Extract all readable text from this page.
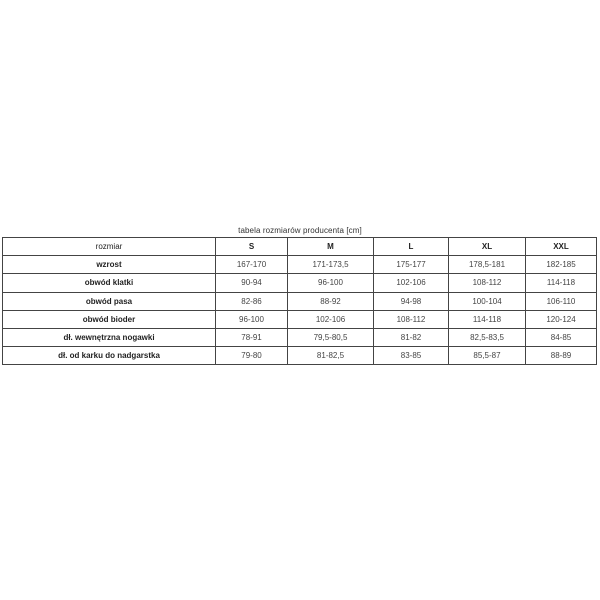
tabela rozmiarów producenta [cm]
rozmiar	S	M	L	XL	XXL
wzrost	167-170	171-173,5	175-177	178,5-181	182-185
obwód klatki	90-94	96-100	102-106	108-112	114-118
obwód pasa	82-86	88-92	94-98	100-104	106-110
obwód bioder	96-100	102-106	108-112	114-118	120-124
dł. wewnętrzna nogawki	78-91	79,5-80,5	81-82	82,5-83,5	84-85
dł. od karku do nadgarstka	79-80	81-82,5	83-85	85,5-87	88-89
